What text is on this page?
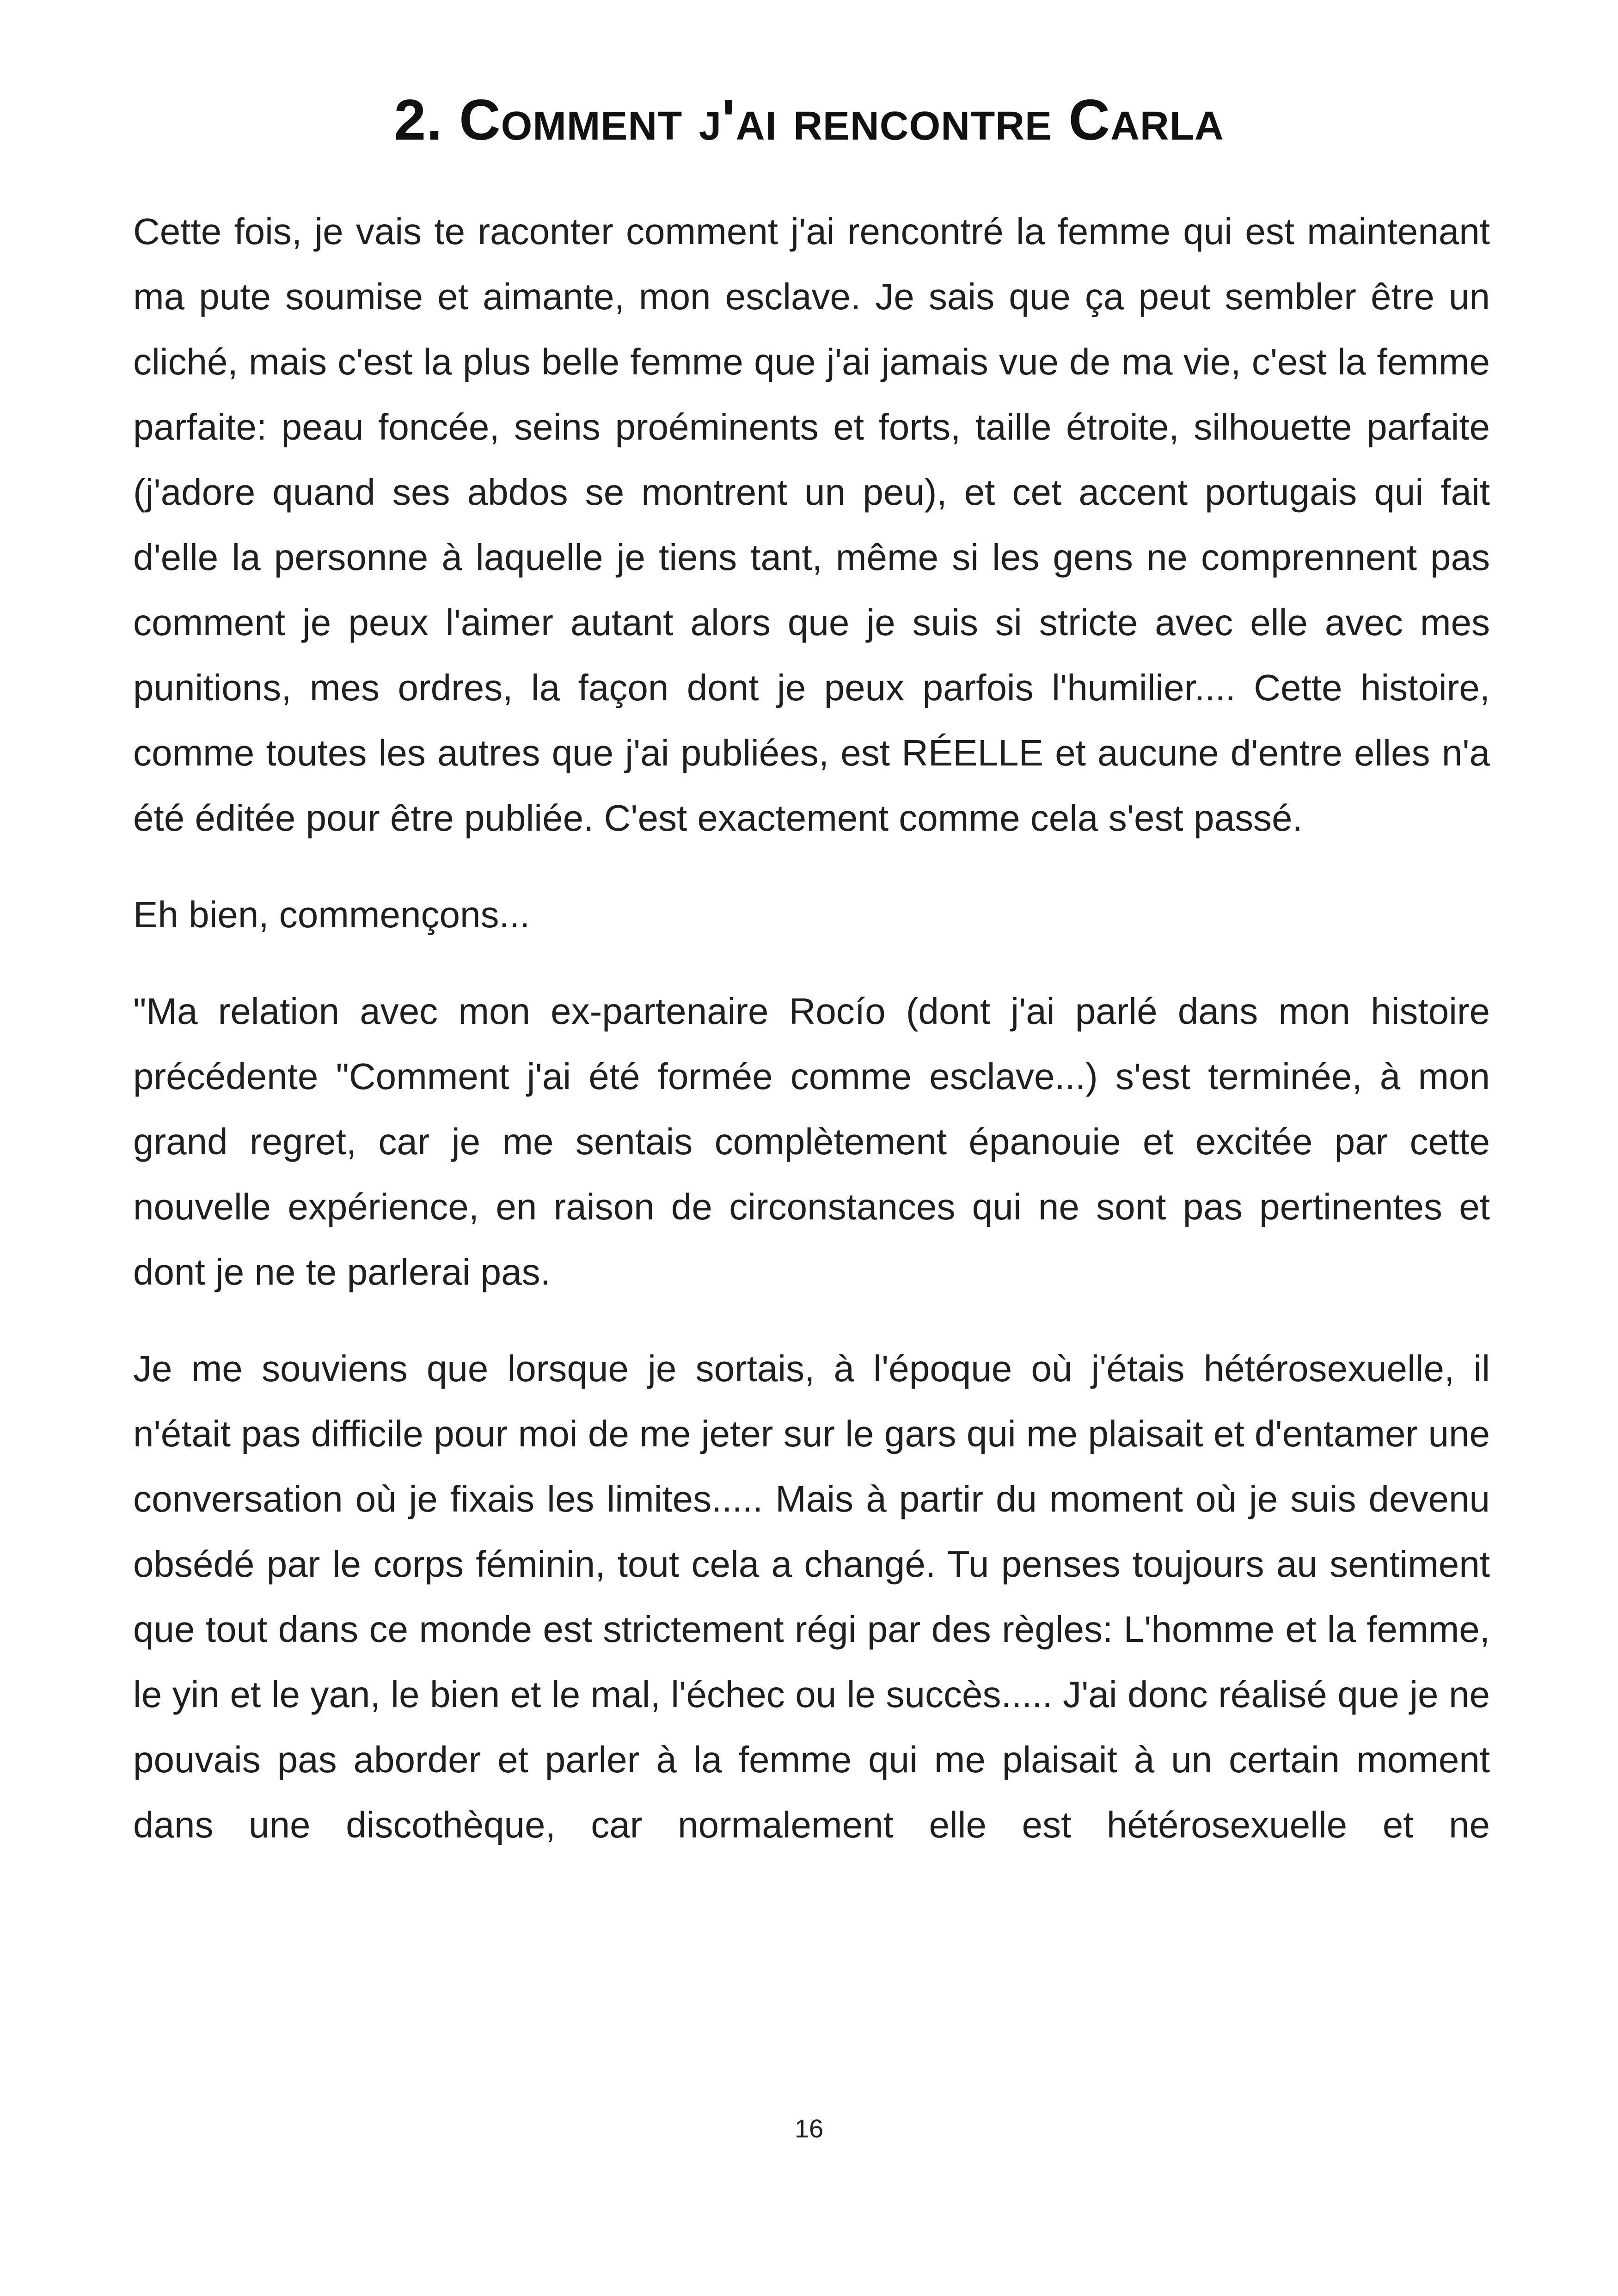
2. Comment j'ai rencontre Carla

Cette fois, je vais te raconter comment j'ai rencontré la femme qui est maintenant ma pute soumise et aimante, mon esclave. Je sais que ça peut sembler être un cliché, mais c'est la plus belle femme que j'ai jamais vue de ma vie, c'est la femme parfaite: peau foncée, seins proéminents et forts, taille étroite, silhouette parfaite (j'adore quand ses abdos se montrent un peu), et cet accent portugais qui fait d'elle la personne à laquelle je tiens tant, même si les gens ne comprennent pas comment je peux l'aimer autant alors que je suis si stricte avec elle avec mes punitions, mes ordres, la façon dont je peux parfois l'humilier.... Cette histoire, comme toutes les autres que j'ai publiées, est RÉELLE et aucune d'entre elles n'a été éditée pour être publiée. C'est exactement comme cela s'est passé.

Eh bien, commençons...

"Ma relation avec mon ex-partenaire Rocío (dont j'ai parlé dans mon histoire précédente "Comment j'ai été formée comme esclave...) s'est terminée, à mon grand regret, car je me sentais complètement épanouie et excitée par cette nouvelle expérience, en raison de circonstances qui ne sont pas pertinentes et dont je ne te parlerai pas.

Je me souviens que lorsque je sortais, à l'époque où j'étais hétérosexuelle, il n'était pas difficile pour moi de me jeter sur le gars qui me plaisait et d'entamer une conversation où je fixais les limites..... Mais à partir du moment où je suis devenu obsédé par le corps féminin, tout cela a changé. Tu penses toujours au sentiment que tout dans ce monde est strictement régi par des règles: L'homme et la femme, le yin et le yan, le bien et le mal, l'échec ou le succès..... J'ai donc réalisé que je ne pouvais pas aborder et parler à la femme qui me plaisait à un certain moment dans une discothèque, car normalement elle est hétérosexuelle et ne

16
